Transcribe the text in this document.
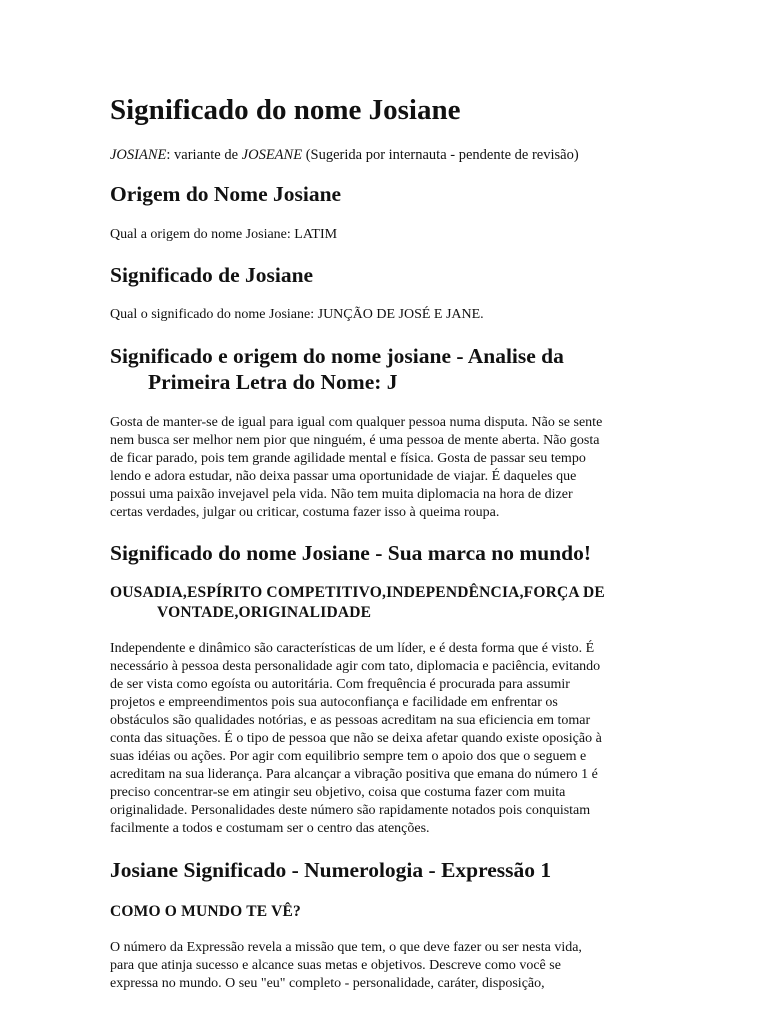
Significado do nome Josiane

JOSIANE: variante de JOSEANE (Sugerida por internauta - pendente de revisão)

Origem do Nome Josiane

Qual a origem do nome Josiane: LATIM

Significado de Josiane

Qual o significado do nome Josiane: JUNÇÃO DE JOSÉ E JANE.

Significado e origem do nome josiane - Analise da
Primeira Letra do Nome: J

Gosta de manter-se de igual para igual com qualquer pessoa numa disputa. Não se sente
nem busca ser melhor nem pior que ninguém, é uma pessoa de mente aberta. Não gosta
de ficar parado, pois tem grande agilidade mental e física. Gosta de passar seu tempo
lendo e adora estudar, não deixa passar uma oportunidade de viajar. É daqueles que
possui uma paixão invejavel pela vida. Não tem muita diplomacia na hora de dizer
certas verdades, julgar ou criticar, costuma fazer isso à queima roupa.

Significado do nome Josiane - Sua marca no mundo!
OUSADIA,ESPÍRITO COMPETITIVO,INDEPENDÊNCIA,FORÇA DE
VONTADE,ORIGINALIDADE

Independente e dinâmico são características de um líder, e é desta forma que é visto. É
necessário à pessoa desta personalidade agir com tato, diplomacia e paciência, evitando
de ser vista como egoísta ou autoritária. Com frequência é procurada para assumir
projetos e empreendimentos pois sua autoconfiança e facilidade em enfrentar os
obstáculos são qualidades notórias, e as pessoas acreditam na sua eficiencia em tomar
conta das situações. É o tipo de pessoa que não se deixa afetar quando existe oposição à
suas idéias ou ações. Por agir com equilibrio sempre tem o apoio dos que o seguem e
acreditam na sua liderança. Para alcançar a vibração positiva que emana do número 1 é
preciso concentrar-se em atingir seu objetivo, coisa que costuma fazer com muita
originalidade. Personalidades deste número são rapidamente notados pois conquistam
facilmente a todos e costumam ser o centro das atenções.

Josiane Significado - Numerologia - Expressão 1
COMO O MUNDO TE VÊ?

O número da Expressão revela a missão que tem, o que deve fazer ou ser nesta vida,
para que atinja sucesso e alcance suas metas e objetivos. Descreve como você se
expressa no mundo. O seu "eu" completo - personalidade, caráter, disposição,
